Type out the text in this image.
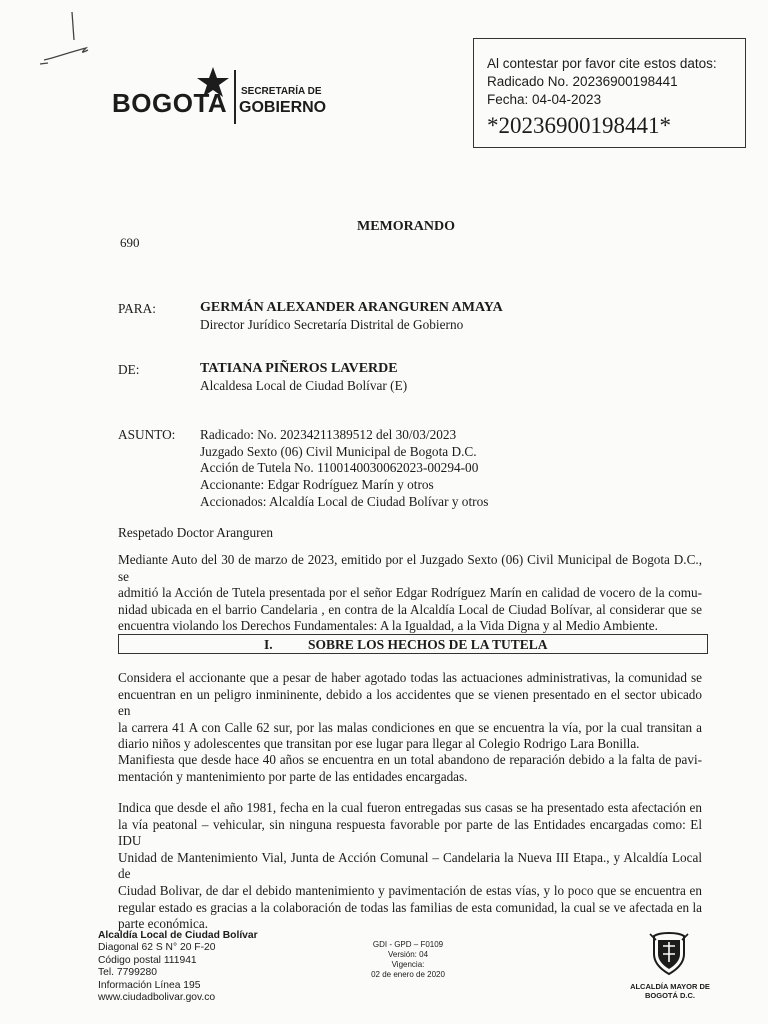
BOGOTA SECRETARÍA DE
GOBIERNO
Al contestar por favor cite estos datos:
Radicado No. 20236900198441
Fecha: 04-04-2023
*20236900198441*
MEMORANDO
690
PARA:	GERMÁN ALEXANDER ARANGUREN AMAYA
Director Jurídico Secretaría Distrital de Gobierno
DE:	TATIANA PIÑEROS LAVERDE
Alcaldesa Local de Ciudad Bolívar (E)
ASUNTO: Radicado: No. 20234211389512 del 30/03/2023
Juzgado Sexto (06) Civil Municipal de Bogota D.C.
Acción de Tutela No. 1100140030062023-00294-00
Accionante: Edgar Rodríguez Marín y otros
Accionados: Alcaldía Local de Ciudad Bolívar y otros
Respetado Doctor Aranguren
Mediante Auto del 30 de marzo de 2023, emitido por el Juzgado Sexto (06) Civil Municipal de Bogota D.C., se
admitió la Acción de Tutela presentada por el señor Edgar Rodríguez Marín en calidad de vocero de la comu-
nidad ubicada en el barrio Candelaria , en contra de la Alcaldía Local de Ciudad Bolívar, al considerar que se
encuentra violando los Derechos Fundamentales: A la Igualdad, a la Vida Digna y al Medio Ambiente.
I.	SOBRE LOS HECHOS DE LA TUTELA
Considera el accionante que a pesar de haber agotado todas las actuaciones administrativas, la comunidad se
encuentran en un peligro inmininente, debido a los accidentes que se vienen presentado en el sector ubicado en
la carrera 41 A con Calle 62 sur, por las malas condiciones en que se encuentra la vía, por la cual transitan a
diario niños y adolescentes que transitan por ese lugar para llegar al Colegio Rodrigo Lara Bonilla.
Manifiesta que desde hace 40 años se encuentra en un total abandono de reparación debido a la falta de pavi-
mentación y mantenimiento por parte de las entidades encargadas.
Indica que desde el año 1981, fecha en la cual fueron entregadas sus casas se ha presentado esta afectación en
la vía peatonal – vehicular, sin ninguna respuesta favorable por parte de las Entidades encargadas como: El IDU
Unidad de Mantenimiento Vial, Junta de Acción Comunal – Candelaria la Nueva III Etapa., y Alcaldía Local de
Ciudad Bolivar, de dar el debido mantenimiento y pavimentación de estas vías, y lo poco que se encuentra en
regular estado es gracias a la colaboración de todas las familias de esta comunidad, la cual se ve afectada en la
parte económica.
Alcaldía Local de Ciudad Bolívar
Diagonal 62 S N° 20 F-20
Código postal 111941
Tel. 7799280
Información Línea 195
www.ciudadbolivar.gov.co
GDI - GPD – F0109
Versión: 04
Vigencia:
02 de enero de 2020
ALCALDÍA MAYOR DE BOGOTÁ D.C.
